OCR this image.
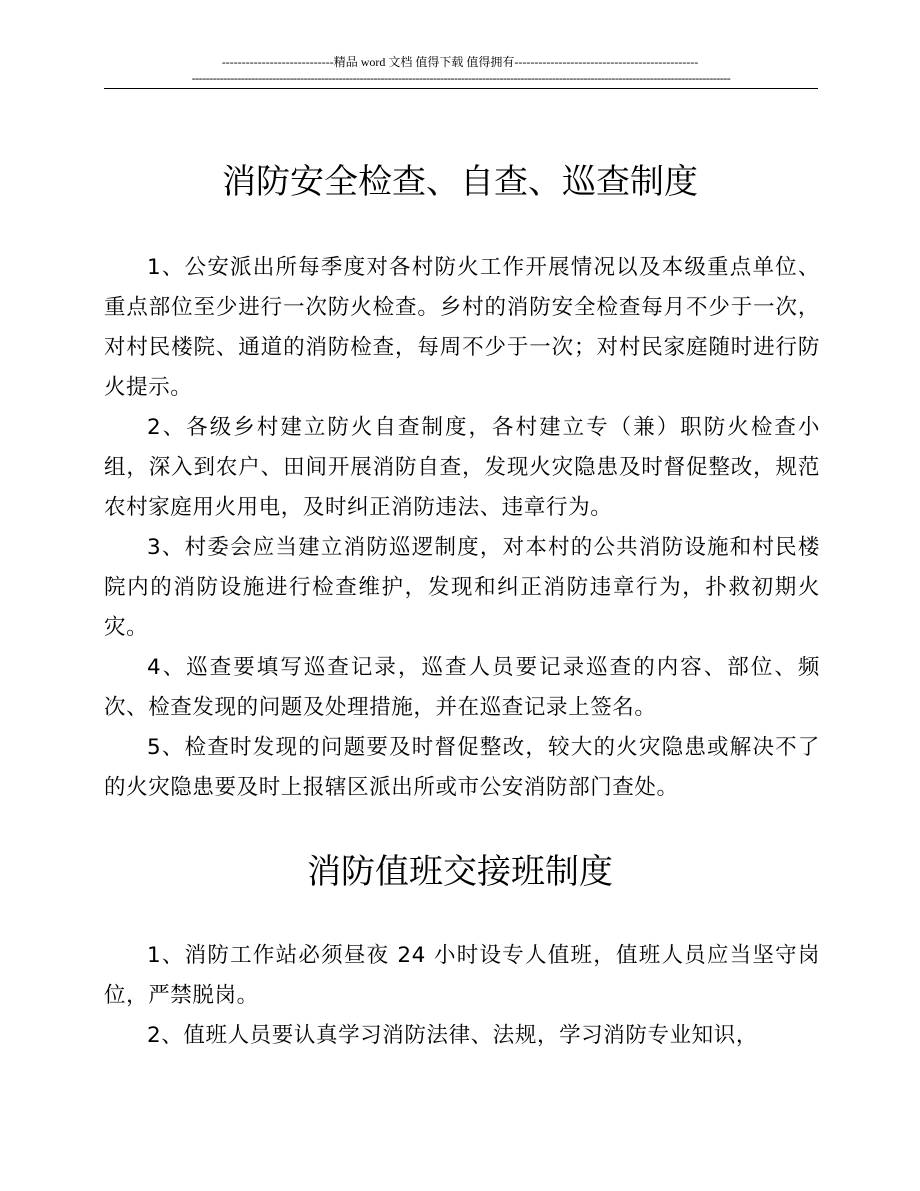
----------------------------精品 word 文档 值得下载 值得拥有----------------------------------------------
----------------------------------------------------------------------------------------------------------------------------------------------------------
消防安全检查、自查、巡查制度

1、公安派出所每季度对各村防火工作开展情况以及本级重点单位、重点部位至少进行一次防火检查。乡村的消防安全检查每月不少于一次，对村民楼院、通道的消防检查，每周不少于一次；对村民家庭随时进行防火提示。

2、各级乡村建立防火自查制度，各村建立专（兼）职防火检查小组，深入到农户、田间开展消防自查，发现火灾隐患及时督促整改，规范农村家庭用火用电，及时纠正消防违法、违章行为。

3、村委会应当建立消防巡逻制度，对本村的公共消防设施和村民楼院内的消防设施进行检查维护，发现和纠正消防违章行为，扑救初期火灾。

4、巡查要填写巡查记录，巡查人员要记录巡查的内容、部位、频次、检查发现的问题及处理措施，并在巡查记录上签名。

5、检查时发现的问题要及时督促整改，较大的火灾隐患或解决不了的火灾隐患要及时上报辖区派出所或市公安消防部门查处。

消防值班交接班制度

1、消防工作站必须昼夜 24 小时设专人值班，值班人员应当坚守岗位，严禁脱岗。

2、值班人员要认真学习消防法律、法规，学习消防专业知识，
